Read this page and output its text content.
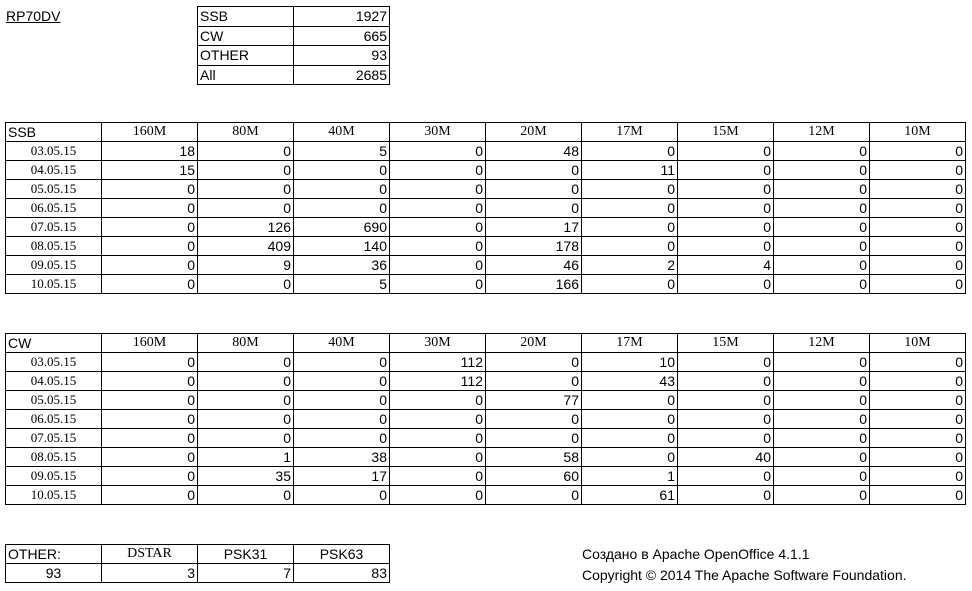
RP70DV	SSB	1927
CW	665
OTHER	93
All	2685
SSB	160M	80M	40M	30M	20M	17M	15M	12M	10M
03.05.15	18	0	5	0	48	0	0	0	0
04.05.15	15	0	0	0	0	11	0	0	0
05.05.15	0	0	0	0	0	0	0	0	0
06.05.15	0	0	0	0	0	0	0	0	0
07.05.15	0	126	690	0	17	0	0	0	0
08.05.15	0	409	140	0	178	0	0	0	0
09.05.15	0	9	36	0	46	2	4	0	0
10.05.15	0	0	5	0	166	0	0	0	0
CW	160M	80M	40M	30M	20M	17M	15M	12M	10M
03.05.15	0	0	0	112	0	10	0	0	0
04.05.15	0	0	0	112	0	43	0	0	0
05.05.15	0	0	0	0	77	0	0	0	0
06.05.15	0	0	0	0	0	0	0	0	0
07.05.15	0	0	0	0	0	0	0	0	0
08.05.15	0	1	38	0	58	0	40	0	0
09.05.15	0	35	17	0	60	1	0	0	0
10.05.15	0	0	0	0	0	61	0	0	0
OTHER:	DSTAR	PSK31	PSK63
93	3	7	83
Создано в Apache OpenOffice 4.1.1
Copyright © 2014 The Apache Software Foundation.
